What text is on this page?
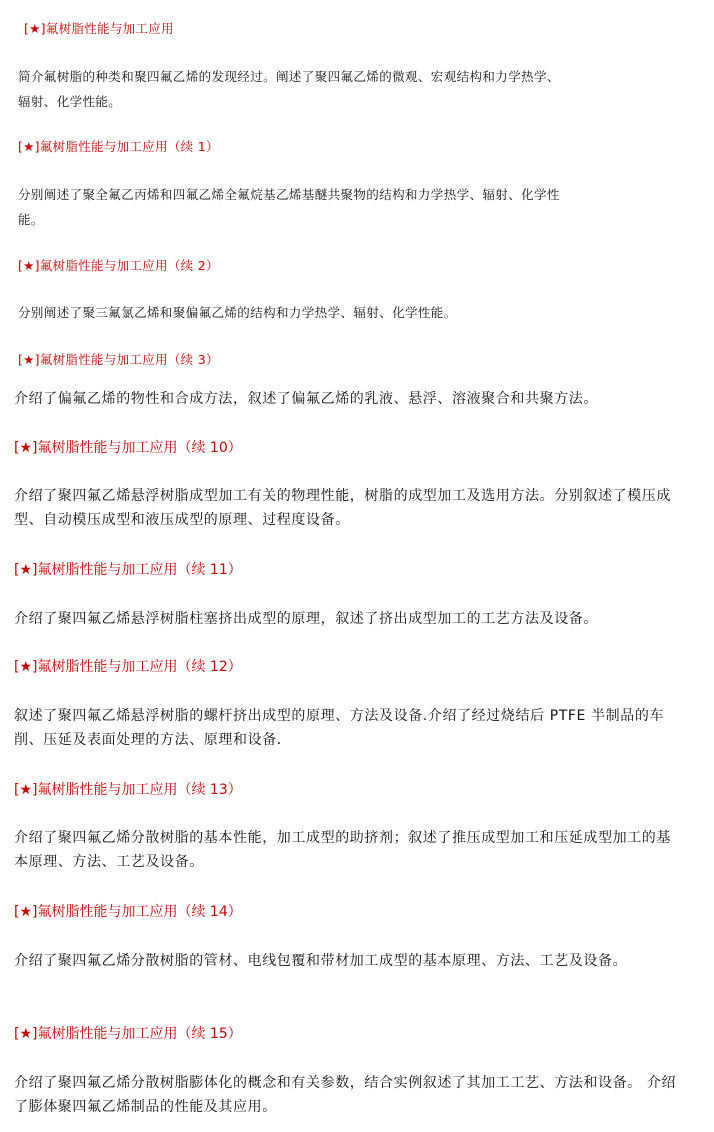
[★]氟树脂性能与加工应用
简介氟树脂的种类和聚四氟乙烯的发现经过。阐述了聚四氟乙烯的微观、宏观结构和力学热学、辐射、化学性能。
[★]氟树脂性能与加工应用（续 1）
分别阐述了聚全氟乙丙烯和四氟乙烯全氟烷基乙烯基醚共聚物的结构和力学热学、辐射、化学性能。
[★]氟树脂性能与加工应用（续 2）
分别阐述了聚三氟氯乙烯和聚偏氟乙烯的结构和力学热学、辐射、化学性能。
[★]氟树脂性能与加工应用（续 3）
介绍了偏氟乙烯的物性和合成方法，叙述了偏氟乙烯的乳液、悬浮、溶液聚合和共聚方法。
[★]氟树脂性能与加工应用（续 10）
介绍了聚四氟乙烯悬浮树脂成型加工有关的物理性能，树脂的成型加工及选用方法。分别叙述了模压成型、自动模压成型和液压成型的原理、过程度设备。
[★]氟树脂性能与加工应用（续 11）
介绍了聚四氟乙烯悬浮树脂柱塞挤出成型的原理，叙述了挤出成型加工的工艺方法及设备。
[★]氟树脂性能与加工应用（续 12）
叙述了聚四氟乙烯悬浮树脂的螺杆挤出成型的原理、方法及设备.介绍了经过烧结后 PTFE 半制品的车削、压延及表面处理的方法、原理和设备.
[★]氟树脂性能与加工应用（续 13）
介绍了聚四氟乙烯分散树脂的基本性能，加工成型的助挤剂；叙述了推压成型加工和压延成型加工的基本原理、方法、工艺及设备。
[★]氟树脂性能与加工应用（续 14）
介绍了聚四氟乙烯分散树脂的管材、电线包覆和带材加工成型的基本原理、方法、工艺及设备。
[★]氟树脂性能与加工应用（续 15）
介绍了聚四氟乙烯分散树脂膨体化的概念和有关参数，结合实例叙述了其加工工艺、方法和设备。 介绍了膨体聚四氟乙烯制品的性能及其应用。
